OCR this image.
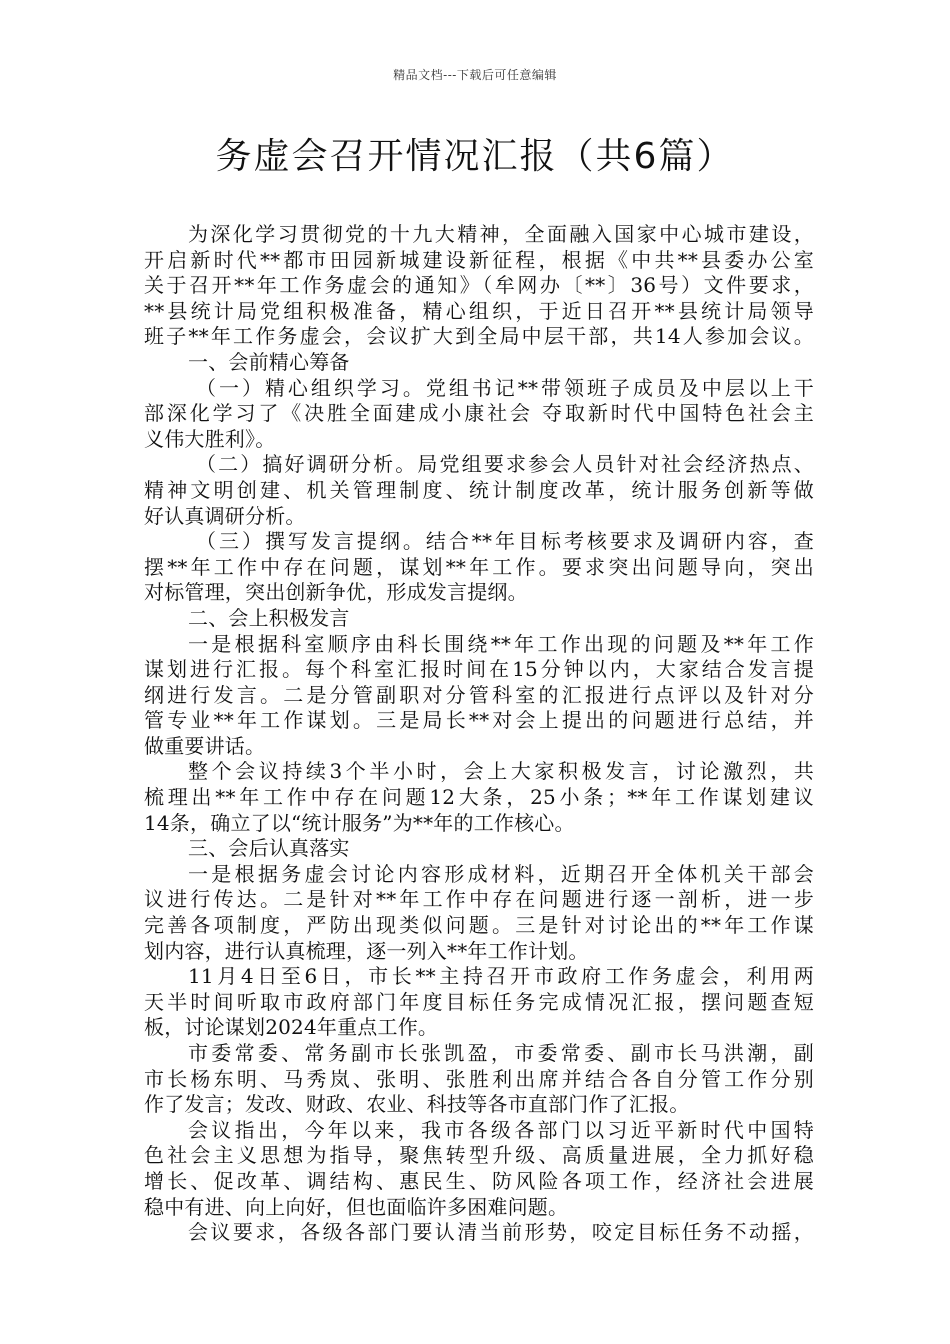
精品文档---下载后可任意编辑
务虚会召开情况汇报（共6篇）
为深化学习贯彻党的十九大精神，全面融入国家中心城市建设，
开启新时代**都市田园新城建设新征程，根据《中共**县委办公室
关于召开**年工作务虚会的通知》（牟网办〔**〕36号）文件要求，
**县统计局党组积极准备，精心组织，于近日召开**县统计局领导
班子**年工作务虚会，会议扩大到全局中层干部，共14人参加会议。
一、会前精心筹备
（一）精心组织学习。党组书记**带领班子成员及中层以上干
部深化学习了《决胜全面建成小康社会 夺取新时代中国特色社会主
义伟大胜利》。
（二）搞好调研分析。局党组要求参会人员针对社会经济热点、
精神文明创建、机关管理制度、统计制度改革，统计服务创新等做
好认真调研分析。
（三）撰写发言提纲。结合**年目标考核要求及调研内容，查
摆**年工作中存在问题，谋划**年工作。要求突出问题导向，突出
对标管理，突出创新争优，形成发言提纲。
二、会上积极发言
一是根据科室顺序由科长围绕**年工作出现的问题及**年工作
谋划进行汇报。每个科室汇报时间在15分钟以内，大家结合发言提
纲进行发言。二是分管副职对分管科室的汇报进行点评以及针对分
管专业**年工作谋划。三是局长**对会上提出的问题进行总结，并
做重要讲话。
整个会议持续3个半小时，会上大家积极发言，讨论激烈，共
梳理出**年工作中存在问题12大条，25小条；**年工作谋划建议
14条，确立了以“统计服务”为**年的工作核心。
三、会后认真落实
一是根据务虚会讨论内容形成材料，近期召开全体机关干部会
议进行传达。二是针对**年工作中存在问题进行逐一剖析，进一步
完善各项制度，严防出现类似问题。三是针对讨论出的**年工作谋
划内容，进行认真梳理，逐一列入**年工作计划。
11月4日至6日，市长**主持召开市政府工作务虚会，利用两
天半时间听取市政府部门年度目标任务完成情况汇报，摆问题查短
板，讨论谋划2024年重点工作。
市委常委、常务副市长张凯盈，市委常委、副市长马洪潮，副
市长杨东明、马秀岚、张明、张胜利出席并结合各自分管工作分别
作了发言；发改、财政、农业、科技等各市直部门作了汇报。
会议指出，今年以来，我市各级各部门以习近平新时代中国特
色社会主义思想为指导，聚焦转型升级、高质量进展，全力抓好稳
增长、促改革、调结构、惠民生、防风险各项工作，经济社会进展
稳中有进、向上向好，但也面临许多困难问题。
会议要求，各级各部门要认清当前形势，咬定目标任务不动摇，
